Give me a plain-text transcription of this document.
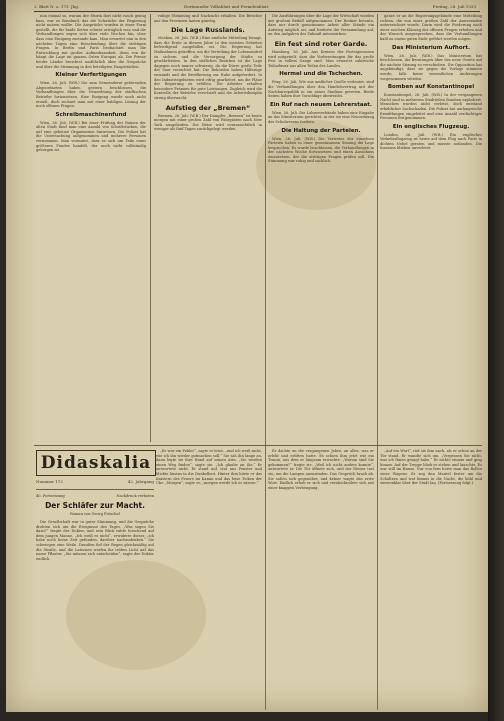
2. Blatt N. o. 173. Jhg.	Dortmunder Volksblatt und Fremdenblatt	Freitag, 28. Juli 1933

nun einmal so, warum der Sturm dort nicht rasch genug kam, war es Russland, das die Schwäche der Regierung nicht nutzen wollte. Die Ansprüche wurden in einer Form gestellt, die für beide Seiten schwer erträglich war, und die Verhandlungen zogen sich über viele Wochen hin, ohne dass eine Einigung zustande kam. Man erwartet nun in den nächsten Tagen eine Entscheidung über die strittigen Fragen. In Berlin und Paris beobachtet man die Entwicklung mit großer Aufmerksamkeit, denn von ihr hängt die Lage im ganzen Osten Europas ab. Die Presse beider Länder berichtet ausführlich über die Gespräche und über die Stimmung in den beteiligten Hauptstädten.

Kleiner Verfertigungen

Wien, 26. Juli. (W.B.) Die zum Gemeinderat gehörenden Abgeordneten haben gestern beschlossen, die Verhandlungen über die Neuordnung der städtischen Betriebe fortzusetzen. Eine Einigung wurde noch nicht erzielt, doch rechnet man mit einer baldigen Lösung der noch offenen Fragen.

Schreibmaschinenfund

Wien, 26. Juli. (W.B.) Bei einer Prüfung der Ruinen der alten Stadt fand man eine Anzahl von Schriftstücken, die auf eine geheime Organisation hinweisen. Die Polizei hat die Untersuchung aufgenommen und mehrere Personen vernommen. Man vermutet, dass es sich um Teile eines größeren Fundes handelt, der noch nicht vollständig geborgen ist.

ruhige Stimmung und Nachsicht erhalten. Die Berichte aus den Provinzen lauten günstig.

Die Lage Russlands.

Moskau, 26. Juli. (W.B.) Eine amtliche Mitteilung besagt, dass die Ernte in diesem Jahre in den meisten Gebieten befriedigend ausgefallen sei. Die Regierung hat Maßnahmen getroffen, um die Verteilung der Lebensmittel zu sichern und die Versorgung der Städte zu gewährleisten. In den südlichen Bezirken ist die Lage dagegen noch immer schwierig, da die Dürre große Teile der Saat vernichtet hat. Die Behörden haben Hilfszüge entsandt und die Bevölkerung zur Ruhe aufgefordert. In den Industriegebieten wird eifrig gearbeitet, um die Pläne der Regierung zu erfüllen. Die Arbeiter erhalten besondere Prämien für gute Leistungen. Zugleich wird die Kontrolle der Betriebe verschärft und die Arbeitsdisziplin streng überwacht.

Aufstieg der „Bremen“

Bremen, 26. Juli. (W.B.) Der Dampfer „Bremen“ ist heute morgen mit einer großen Zahl von Fahrgästen nach New York ausgelaufen. Die Reise wird voraussichtlich in weniger als fünf Tagen zurückgelegt werden.

Die Ausführungen über die Lage der Wirtschaft wurden mit großem Beifall aufgenommen. Der Redner betonte, dass nur durch gemeinsame Arbeit aller Stände ein Aufstieg möglich sei, und forderte die Versammlung auf, an den Aufgaben der Zukunft mitzuwirken.

Ein fest sind roter Garde.

Hamburg, 26. Juli. Aus Kreisen der Parteigenossen wird mitgeteilt, dass die Vorbereitungen für das große Fest in vollem Gange sind. Man erwartet zahlreiche Teilnehmer aus allen Teilen des Landes.

Hermel und die Tschechen.

Prag, 26. Juli. Wie aus amtlicher Quelle verlautet, sind die Verhandlungen über den Handelsvertrag mit der Nachbarrepublik in ein neues Stadium getreten. Beide Seiten haben ihre Vorschläge überreicht.

Ein Ruf nach neuem Lehrerstaat.

Wien, 26. Juli. Die Lehrerverbände haben eine Eingabe an das Ministerium gerichtet, in der sie eine Neuordnung des Schulwesens fordern.

Die Haltung der Parteien.

Wien, 26. Juli. (W.B.) Die Vertreter der einzelnen Parteien haben in einer gemeinsamen Sitzung die Lage besprochen. Es wurde beschlossen, die Verhandlungen in der nächsten Woche fortzusetzen und einen Ausschuss einzusetzen, der die strittigen Fragen prüfen soll. Die Stimmung war ruhig und sachlich.

ganze er an die Regierungsgebäude eine Mitteilung richten, die von einer großen Zahl der Anwesenden unterzeichnet wurde. Darin wird die Forderung nach einer raschen Klärung der offenen Fragen erhoben und der Wunsch ausgesprochen, dass die Verhandlungen bald zu einem guten Ende geführt werden mögen.

Das Ministerium Aufhort.

Wien, 26. Juli. (W.B.) Das Ministerium hat beschlossen, die Beratungen über das neue Gesetz auf die nächste Sitzung zu verschieben. Die Opposition hat angekündigt, dass sie gegen die Vorlage stimmen werde, falls keine wesentlichen Änderungen vorgenommen würden.

Bomben auf Konstantinopel

Konstantinopel, 26. Juli. (W.B.) In der vergangenen Nacht sind in mehreren Stadtteilen Bomben explodiert. Menschen wurden nicht verletzt, doch entstand erheblicher Sachschaden. Die Polizei hat umfangreiche Ermittlungen eingeleitet und eine Anzahl verdächtiger Personen festgenommen.

Ein englisches Flugzeug.

London, 26. Juli. (W.B.) Ein englisches Verkehrsflugzeug ist heute auf dem Flug nach Paris in dichten Nebel geraten und musste notlanden. Die Insassen blieben unverletzt.

Didaskalia
Nummer 173	42. Jahrgang
40. Fortsetzung	Nachdruck verboten
Der Schläfer zur Macht.
Roman von Georg Fröschel

Die Gesellschaft war in guter Stimmung, und die Gespräche drehten sich um die Ereignisse des Tages. „Was sagen Sie dazu?“ fragte der Doktor, und sein Blick ruhte forschend auf dem jungen Manne. „Ich weiß es nicht“, erwiderte dieser, „ich habe noch keine Zeit gefunden, darüber nachzudenken.“ Sie schwiegen eine Weile. Draußen fiel der Regen gleichmäßig auf die Straße, und die Laternen warfen ihr trübes Licht auf das nasse Pflaster. „Sie müssen sich entscheiden“, sagte der Doktor endlich.

„Es war ein Fehler“, sagte er leise, „und ich weiß nicht, wie ich ihn wieder gutmachen soll.“ Sie sah ihn lange an, dann legte sie ihre Hand auf seinen Arm. „Sie werden einen Weg finden“, sagte sie. „Ich glaube an Sie.“ Er antwortete nicht. Er stand auf, trat ans Fenster und blickte hinaus in die Dunkelheit. Hinter ihm hörte er das Knistern des Feuers im Kamin und das leise Ticken der Uhr. „Morgen“, sagte er, „morgen werde ich es wissen.“

Er dachte an die vergangenen Jahre, an alles, was er erlebt und erlitten hatte. Es schien ihm jetzt wie ein Traum, aus dem er langsam erwachte. „Warum sind Sie gekommen?“ fragte sie. „Weil ich nicht anders konnte“, antwortete er. Die Tür öffnete sich, und der Diener trat ein, um die Lampen anzuzünden. Das Gespräch brach ab. Sie saßen sich gegenüber, und keiner wagte das erste Wort. Endlich erhob er sich und verabschiedete sich mit einer knappen Verbeugung.

„Auf ein Wort“, rief sie ihm nach, als er schon an der Tür stand. Er wandte sich um. „Vergessen Sie nicht, was ich Ihnen gesagt habe.“ Er nickte stumm und ging hinaus. Auf der Treppe blieb er stehen und lauschte. Es war still im Hause. Nur von fern hörte man das Rollen eines Wagens. Er zog den Mantel fester um die Schultern und trat hinaus in die Nacht, die kühl und sternenklar über der Stadt lag. (Fortsetzung folgt.)
